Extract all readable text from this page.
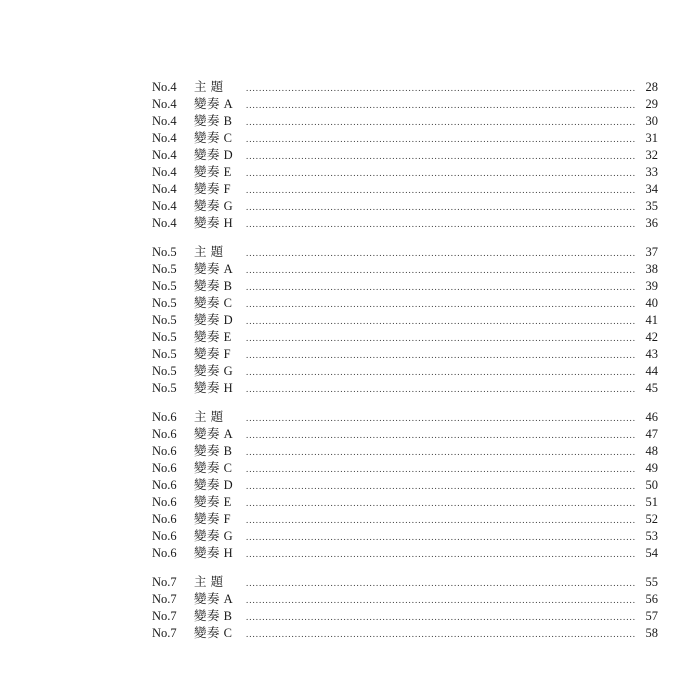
No.4	主 題	........................................................................................................................ 28
No.4	變奏 A	........................................................................................................................ 29
No.4	變奏 B	........................................................................................................................ 30
No.4	變奏 C	........................................................................................................................ 31
No.4	變奏 D	........................................................................................................................ 32
No.4	變奏 E	........................................................................................................................ 33
No.4	變奏 F	........................................................................................................................ 34
No.4	變奏 G	........................................................................................................................ 35
No.4	變奏 H	........................................................................................................................ 36
No.5	主 題	........................................................................................................................ 37
No.5	變奏 A	........................................................................................................................ 38
No.5	變奏 B	........................................................................................................................ 39
No.5	變奏 C	........................................................................................................................ 40
No.5	變奏 D	........................................................................................................................ 41
No.5	變奏 E	........................................................................................................................ 42
No.5	變奏 F	........................................................................................................................ 43
No.5	變奏 G	........................................................................................................................ 44
No.5	變奏 H	........................................................................................................................ 45
No.6	主 題	........................................................................................................................ 46
No.6	變奏 A	........................................................................................................................ 47
No.6	變奏 B	........................................................................................................................ 48
No.6	變奏 C	........................................................................................................................ 49
No.6	變奏 D	........................................................................................................................ 50
No.6	變奏 E	........................................................................................................................ 51
No.6	變奏 F	........................................................................................................................ 52
No.6	變奏 G	........................................................................................................................ 53
No.6	變奏 H	........................................................................................................................ 54
No.7	主 題	........................................................................................................................ 55
No.7	變奏 A	........................................................................................................................ 56
No.7	變奏 B	........................................................................................................................ 57
No.7	變奏 C	........................................................................................................................ 58
